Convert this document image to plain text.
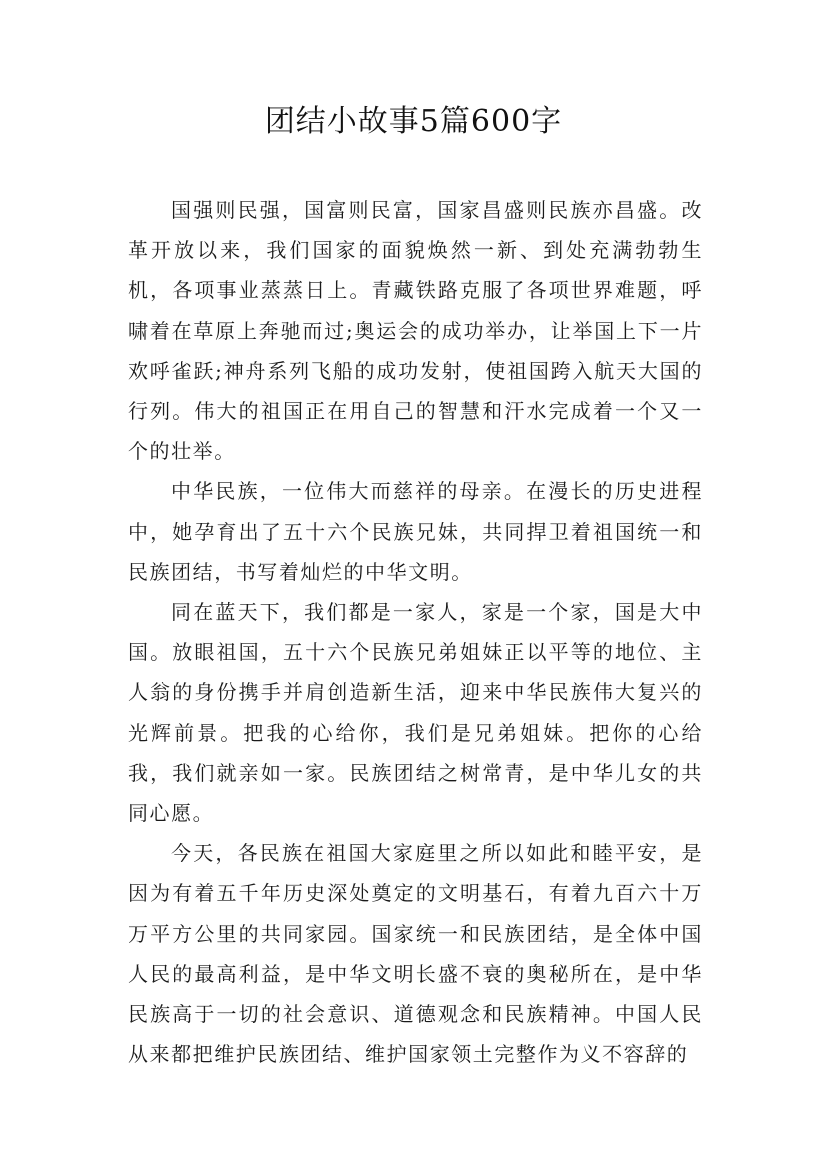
团结小故事5篇600字

国强则民强，国富则民富，国家昌盛则民族亦昌盛。改革开放以来，我们国家的面貌焕然一新、到处充满勃勃生机，各项事业蒸蒸日上。青藏铁路克服了各项世界难题，呼啸着在草原上奔驰而过;奥运会的成功举办，让举国上下一片欢呼雀跃;神舟系列飞船的成功发射，使祖国跨入航天大国的行列。伟大的祖国正在用自己的智慧和汗水完成着一个又一个的壮举。

中华民族，一位伟大而慈祥的母亲。在漫长的历史进程中，她孕育出了五十六个民族兄妹，共同捍卫着祖国统一和民族团结，书写着灿烂的中华文明。

同在蓝天下，我们都是一家人，家是一个家，国是大中国。放眼祖国，五十六个民族兄弟姐妹正以平等的地位、主人翁的身份携手并肩创造新生活，迎来中华民族伟大复兴的光辉前景。把我的心给你，我们是兄弟姐妹。把你的心给我，我们就亲如一家。民族团结之树常青，是中华儿女的共同心愿。

今天，各民族在祖国大家庭里之所以如此和睦平安，是因为有着五千年历史深处奠定的文明基石，有着九百六十万万平方公里的共同家园。国家统一和民族团结，是全体中国人民的最高利益，是中华文明长盛不衰的奥秘所在，是中华民族高于一切的社会意识、道德观念和民族精神。中国人民从来都把维护民族团结、维护国家领土完整作为义不容辞的
